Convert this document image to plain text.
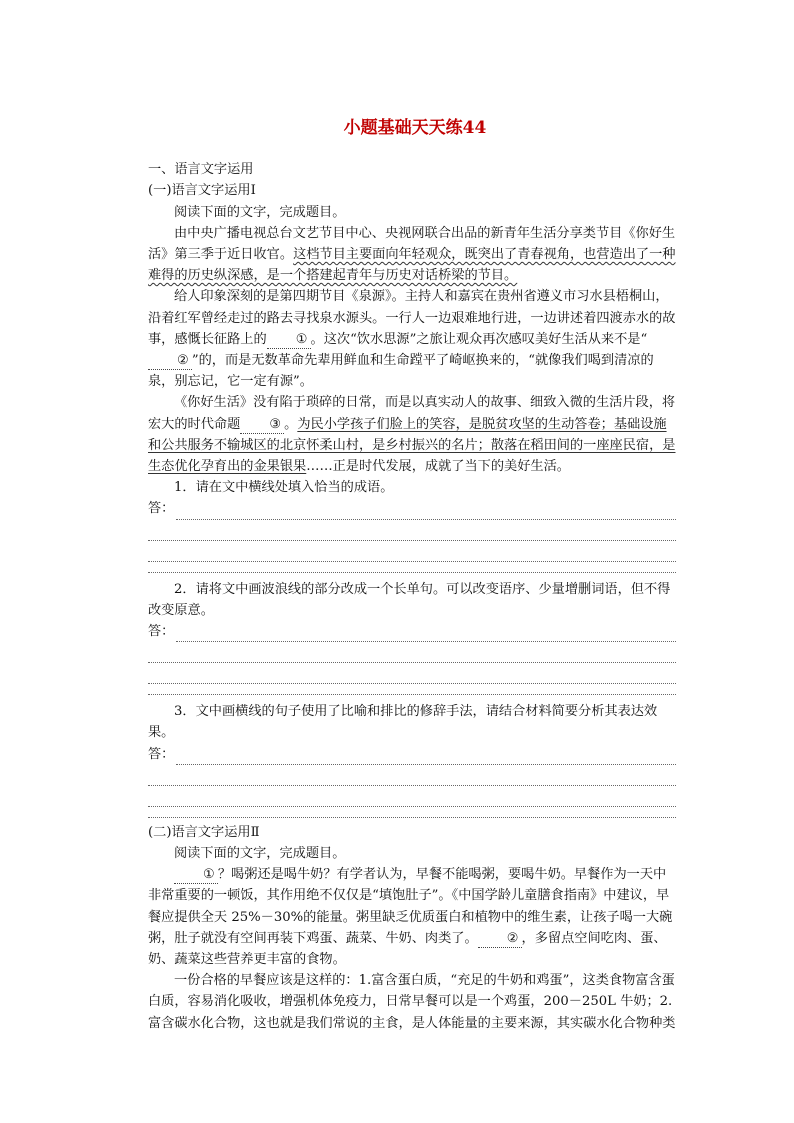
小题基础天天练44

一、语言文字运用

(一)语言文字运用Ⅰ

阅读下面的文字，完成题目。

由中央广播电视总台文艺节目中心、央视网联合出品的新青年生活分享类节目《你好生活》第三季于近日收官。这档节目主要面向年轻观众，既突出了青春视角，也营造出了一种难得的历史纵深感，是一个搭建起青年与历史对话桥梁的节目。

给人印象深刻的是第四期节目《泉源》。主持人和嘉宾在贵州省遵义市习水县梧桐山，沿着红军曾经走过的路去寻找泉水源头。一行人一边艰难地行进，一边讲述着四渡赤水的故事，感慨长征路上的 ① 。这次“饮水思源”之旅让观众再次感叹美好生活从来不是“② ”的，而是无数革命先辈用鲜血和生命蹚平了崎岖换来的，“就像我们喝到清凉的泉，别忘记，它一定有源”。

《你好生活》没有陷于琐碎的日常，而是以真实动人的故事、细致入微的生活片段，将宏大的时代命题 ③ 。为民小学孩子们脸上的笑容，是脱贫攻坚的生动答卷；基础设施和公共服务不输城区的北京怀柔山村，是乡村振兴的名片；散落在稻田间的一座座民宿，是生态优化孕育出的金果银果……正是时代发展，成就了当下的美好生活。

1．请在文中横线处填入恰当的成语。

答：

2．请将文中画波浪线的部分改成一个长单句。可以改变语序、少量增删词语，但不得改变原意。

答：

3．文中画横线的句子使用了比喻和排比的修辞手法，请结合材料简要分析其表达效果。

答：

(二)语言文字运用Ⅱ

阅读下面的文字，完成题目。

① ？喝粥还是喝牛奶？有学者认为，早餐不能喝粥，要喝牛奶。早餐作为一天中非常重要的一顿饭，其作用绝不仅仅是“填饱肚子”。《中国学龄儿童膳食指南》中建议，早餐应提供全天 25%－30%的能量。粥里缺乏优质蛋白和植物中的维生素，让孩子喝一大碗粥，肚子就没有空间再装下鸡蛋、蔬菜、牛奶、肉类了。 ② ，多留点空间吃肉、蛋、奶、蔬菜这些营养更丰富的食物。

一份合格的早餐应该是这样的：1.富含蛋白质，“充足的牛奶和鸡蛋”，这类食物富含蛋白质，容易消化吸收，增强机体免疫力，日常早餐可以是一个鸡蛋，200－250L 牛奶；2.富含碳水化合物，这也就是我们常说的主食，是人体能量的主要来源，其实碳水化合物种类
